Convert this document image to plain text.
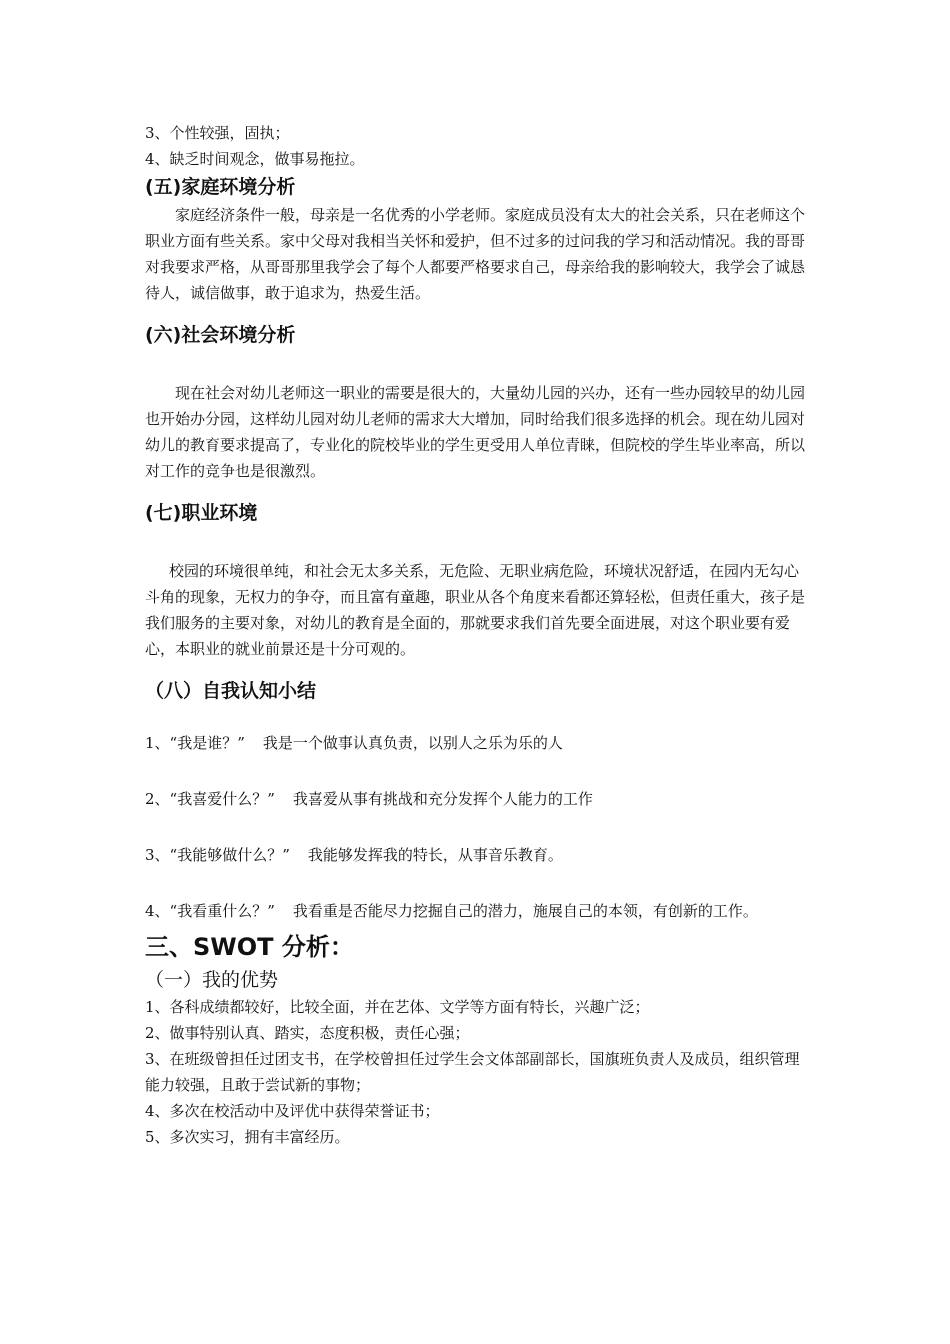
3、个性较强，固执；

4、缺乏时间观念，做事易拖拉。

(五)家庭环境分析

家庭经济条件一般，母亲是一名优秀的小学老师。家庭成员没有太大的社会关系，只在老师这个职业方面有些关系。家中父母对我相当关怀和爱护，但不过多的过问我的学习和活动情况。我的哥哥对我要求严格，从哥哥那里我学会了每个人都要严格要求自己，母亲给我的影响较大，我学会了诚恳待人，诚信做事，敢于追求为，热爱生活。

(六)社会环境分析

现在社会对幼儿老师这一职业的需要是很大的，大量幼儿园的兴办，还有一些办园较早的幼儿园也开始办分园，这样幼儿园对幼儿老师的需求大大增加，同时给我们很多选择的机会。现在幼儿园对幼儿的教育要求提高了，专业化的院校毕业的学生更受用人单位青睐，但院校的学生毕业率高，所以对工作的竞争也是很激烈。

(七)职业环境

校园的环境很单纯，和社会无太多关系，无危险、无职业病危险，环境状况舒适，在园内无勾心斗角的现象，无权力的争夺，而且富有童趣，职业从各个角度来看都还算轻松，但责任重大，孩子是我们服务的主要对象，对幼儿的教育是全面的，那就要求我们首先要全面进展，对这个职业要有爱心，本职业的就业前景还是十分可观的。

（八）自我认知小结

1、“我是谁？” 我是一个做事认真负责，以别人之乐为乐的人

2、“我喜爱什么？” 我喜爱从事有挑战和充分发挥个人能力的工作

3、“我能够做什么？” 我能够发挥我的特长，从事音乐教育。

4、“我看重什么？” 我看重是否能尽力挖掘自己的潜力，施展自己的本领，有创新的工作。

三、SWOT 分析：

（一）我的优势

1、各科成绩都较好，比较全面，并在艺体、文学等方面有特长，兴趣广泛；

2、做事特别认真、踏实，态度积极，责任心强；

3、在班级曾担任过团支书，在学校曾担任过学生会文体部副部长，国旗班负责人及成员，组织管理能力较强，且敢于尝试新的事物；

4、多次在校活动中及评优中获得荣誉证书；

5、多次实习，拥有丰富经历。
